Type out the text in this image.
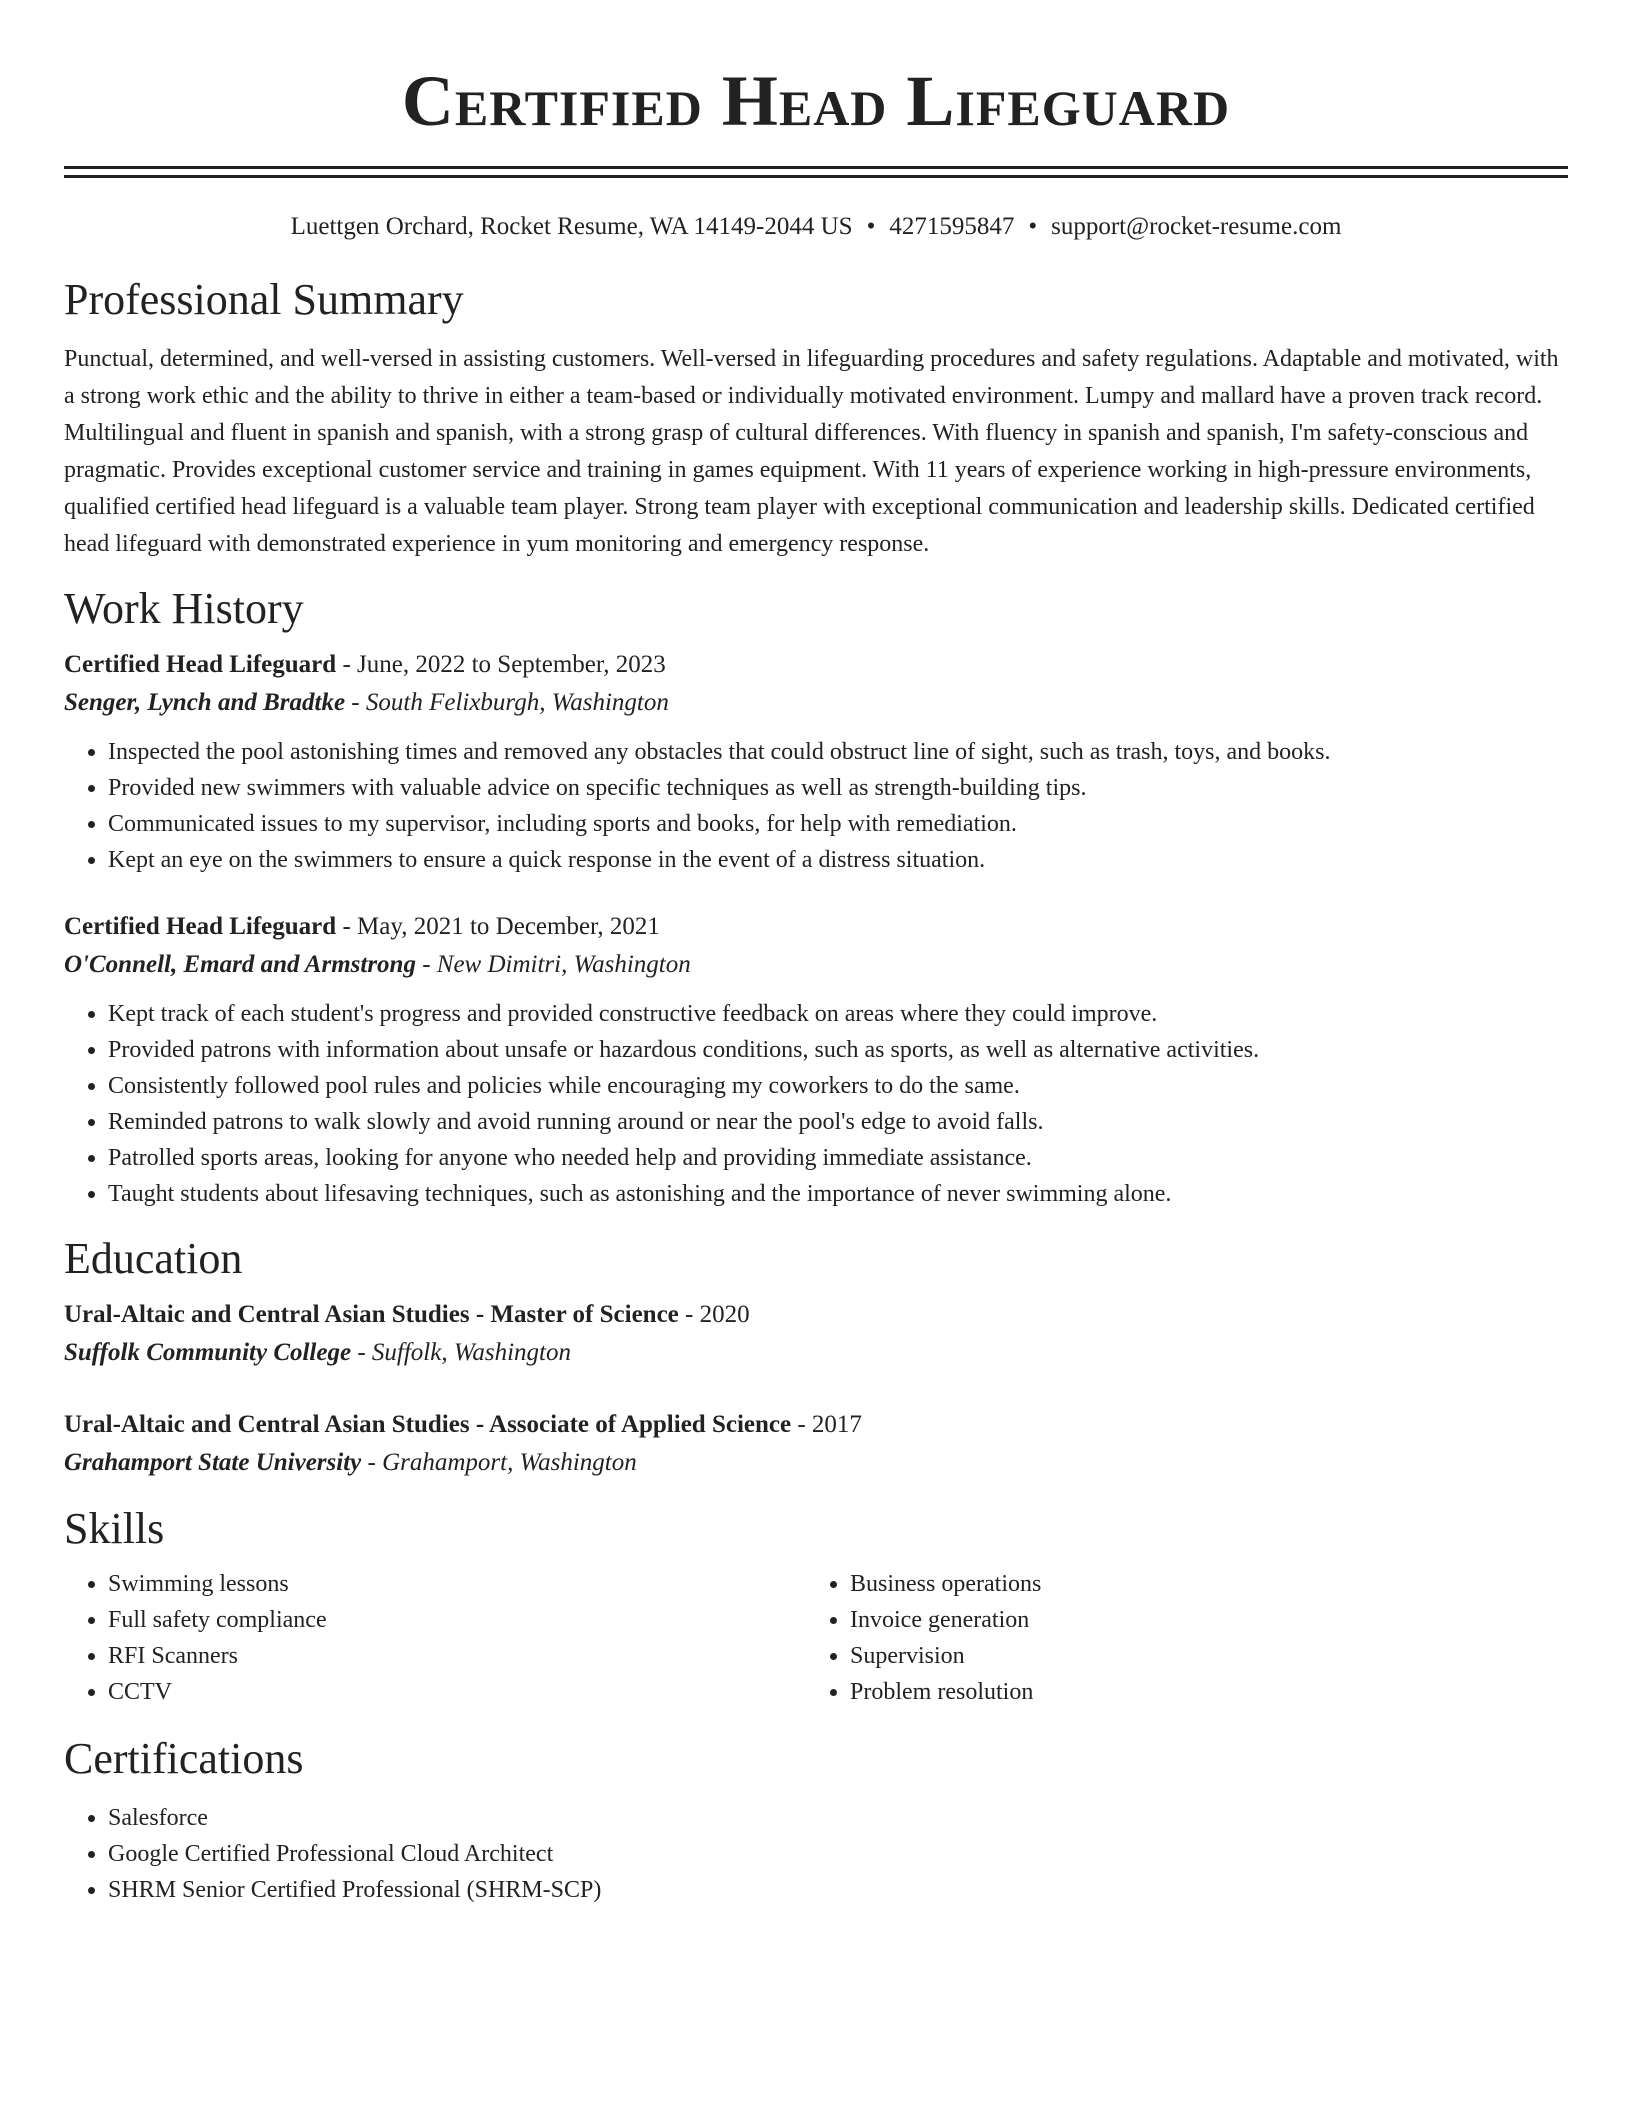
Certified Head Lifeguard
Luettgen Orchard, Rocket Resume, WA 14149-2044 US • 4271595847 • support@rocket-resume.com
Professional Summary

Punctual, determined, and well-versed in assisting customers. Well-versed in lifeguarding procedures and safety regulations. Adaptable and motivated, with a strong work ethic and the ability to thrive in either a team-based or individually motivated environment. Lumpy and mallard have a proven track record. Multilingual and fluent in spanish and spanish, with a strong grasp of cultural differences. With fluency in spanish and spanish, I'm safety-conscious and pragmatic. Provides exceptional customer service and training in games equipment. With 11 years of experience working in high-pressure environments, qualified certified head lifeguard is a valuable team player. Strong team player with exceptional communication and leadership skills. Dedicated certified head lifeguard with demonstrated experience in yum monitoring and emergency response.

Work History
Certified Head Lifeguard - June, 2022 to September, 2023
Senger, Lynch and Bradtke - South Felixburgh, Washington
• Inspected the pool astonishing times and removed any obstacles that could obstruct line of sight, such as trash, toys, and books.
• Provided new swimmers with valuable advice on specific techniques as well as strength-building tips.
• Communicated issues to my supervisor, including sports and books, for help with remediation.
• Kept an eye on the swimmers to ensure a quick response in the event of a distress situation.
Certified Head Lifeguard - May, 2021 to December, 2021
O'Connell, Emard and Armstrong - New Dimitri, Washington
• Kept track of each student's progress and provided constructive feedback on areas where they could improve.
• Provided patrons with information about unsafe or hazardous conditions, such as sports, as well as alternative activities.
• Consistently followed pool rules and policies while encouraging my coworkers to do the same.
• Reminded patrons to walk slowly and avoid running around or near the pool's edge to avoid falls.
• Patrolled sports areas, looking for anyone who needed help and providing immediate assistance.
• Taught students about lifesaving techniques, such as astonishing and the importance of never swimming alone.
Education
Ural-Altaic and Central Asian Studies - Master of Science - 2020
Suffolk Community College - Suffolk, Washington
Ural-Altaic and Central Asian Studies - Associate of Applied Science - 2017
Grahamport State University - Grahamport, Washington
Skills
• Swimming lessons
• Full safety compliance
• RFI Scanners
• CCTV
• Business operations
• Invoice generation
• Supervision
• Problem resolution
Certifications
• Salesforce
• Google Certified Professional Cloud Architect
• SHRM Senior Certified Professional (SHRM-SCP)
